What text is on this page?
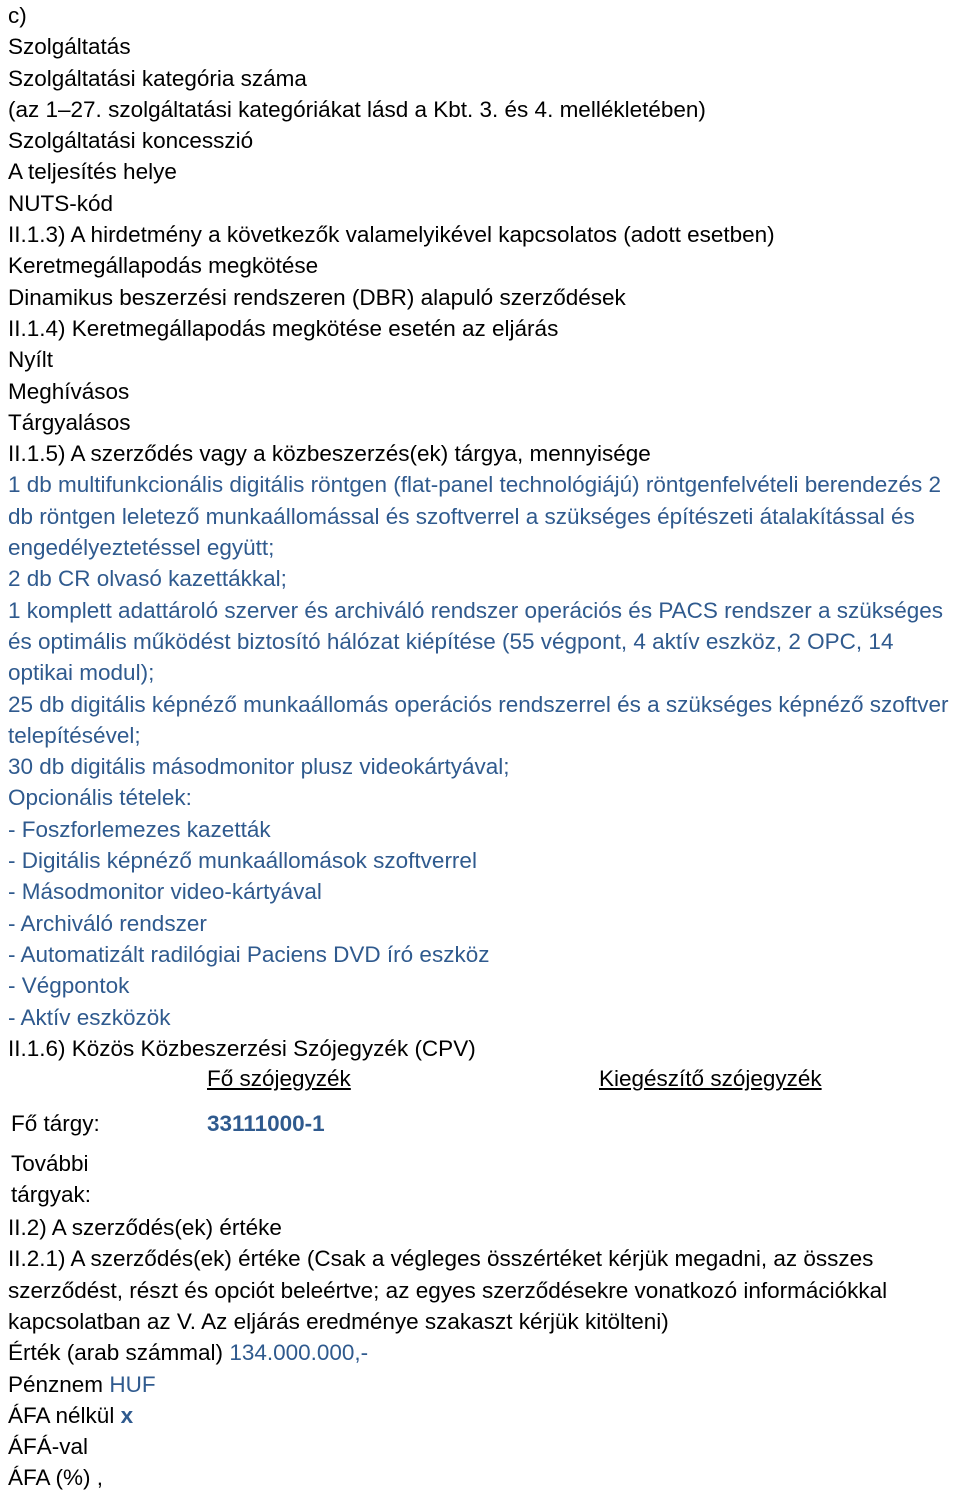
c)
Szolgáltatás
Szolgáltatási kategória száma
(az 1–27. szolgáltatási kategóriákat lásd a Kbt. 3. és 4. mellékletében)
Szolgáltatási koncesszió
A teljesítés helye
NUTS-kód
II.1.3) A hirdetmény a következők valamelyikével kapcsolatos (adott esetben)
Keretmegállapodás megkötése
Dinamikus beszerzési rendszeren (DBR) alapuló szerződések
II.1.4) Keretmegállapodás megkötése esetén az eljárás
Nyílt
Meghívásos
Tárgyalásos
II.1.5) A szerződés vagy a közbeszerzés(ek) tárgya, mennyisége
1 db multifunkcionális digitális röntgen (flat-panel technológiájú) röntgenfelvételi berendezés 2 db röntgen leletező munkaállomással és szoftverrel a szükséges építészeti átalakítással és engedélyeztetéssel együtt;
2 db CR olvasó kazettákkal;
1 komplett adattároló szerver és archiváló rendszer operációs és PACS rendszer a szükséges és optimális működést biztosító hálózat kiépítése (55 végpont, 4 aktív eszköz, 2 OPC, 14 optikai modul);
25 db digitális képnéző munkaállomás operációs rendszerrel és a szükséges képnéző szoftver telepítésével;
30 db digitális másodmonitor plusz videokártyával;
Opcionális tételek:
- Foszforlemezes kazetták
- Digitális képnéző munkaállomások szoftverrel
- Másodmonitor video-kártyával
- Archiváló rendszer
- Automatizált radilógiai Paciens DVD író eszköz
- Végpontok
- Aktív eszközök
II.1.6) Közös Közbeszerzési Szójegyzék (CPV)
Fő szójegyzék	Kiegészítő szójegyzék
Fő tárgy:	33111000-1
További tárgyak:
II.2) A szerződés(ek) értéke
II.2.1) A szerződés(ek) értéke (Csak a végleges összértéket kérjük megadni, az összes szerződést, részt és opciót beleértve; az egyes szerződésekre vonatkozó információkkal kapcsolatban az V. Az eljárás eredménye szakaszt kérjük kitölteni)
Érték (arab számmal) 134.000.000,-
Pénznem HUF
ÁFA nélkül x
ÁFÁ-val
ÁFA (%) ,
